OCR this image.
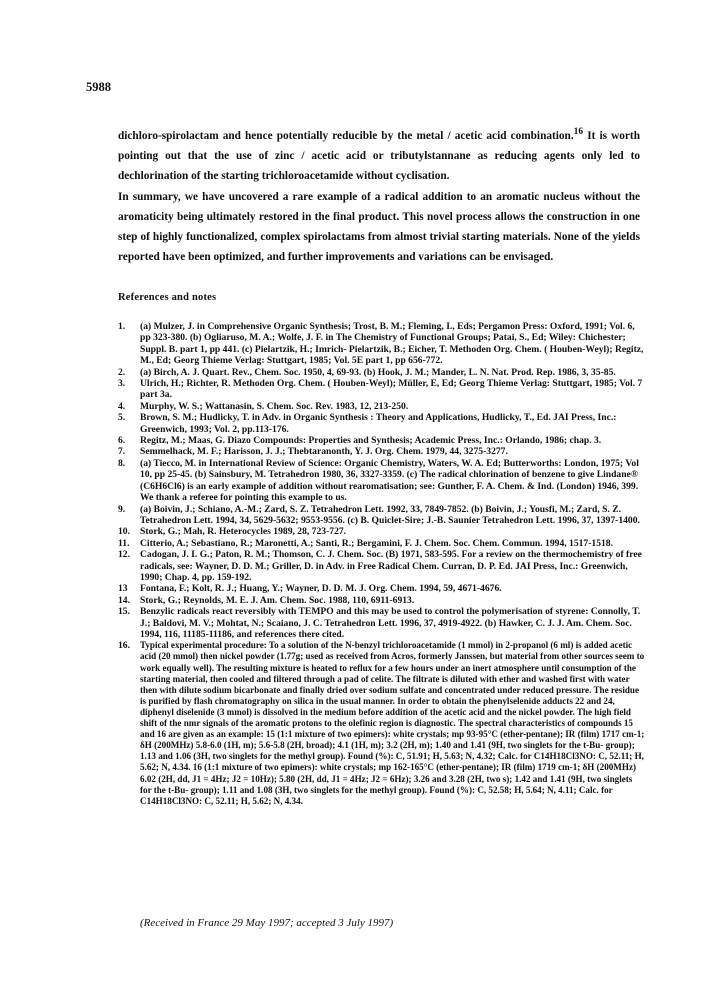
5988

dichloro-spirolactam and hence potentially reducible by the metal / acetic acid combination.$^{16}$ It is worth pointing out that the use of zinc / acetic acid or tributylstannane as reducing agents only led to dechlorination of the starting trichloroacetamide without cyclisation.

In summary, we have uncovered a rare example of a radical addition to an aromatic nucleus without the aromaticity being ultimately restored in the final product. This novel process allows the construction in one step of highly functionalized, complex spirolactams from almost trivial starting materials. None of the yields reported have been optimized, and further improvements and variations can be envisaged.

References and notes
1.	(a) Mulzer, J. in Comprehensive Organic Synthesis; Trost, B. M.; Fleming, I., Eds; Pergamon Press: Oxford, 1991; Vol. 6, pp 323-380. (b) Ogliaruso, M. A.; Wolfe, J. F. in The Chemistry of Functional Groups; Patai, S., Ed; Wiley: Chichester; Suppl. B. part 1, pp 441. (c) Pielartzik, H.; Imrich- Pielartzik, B.; Eicher, T. Methoden Org. Chem. ( Houben-Weyl); Regitz, M., Ed; Georg Thieme Verlag: Stuttgart, 1985; Vol. 5E part 1, pp 656-772.
2.	(a) Birch, A. J. Quart. Rev., Chem. Soc. 1950, 4, 69-93. (b) Hook, J. M.; Mander, L. N. Nat. Prod. Rep. 1986, 3, 35-85.
3.	Ulrich, H.; Richter, R. Methoden Org. Chem. ( Houben-Weyl); Müller, E, Ed; Georg Thieme Verlag: Stuttgart, 1985; Vol. 7 part 3a.
4.	Murphy, W. S.; Wattanasin, S. Chem. Soc. Rev. 1983, 12, 213-250.
5.	Brown, S. M.; Hudlicky, T. in Adv. in Organic Synthesis : Theory and Applications, Hudlicky, T., Ed. JAI Press, Inc.: Greenwich, 1993; Vol. 2, pp.113-176.
6.	Regitz, M.; Maas, G. Diazo Compounds: Properties and Synthesis; Academic Press, Inc.: Orlando, 1986; chap. 3.
7.	Semmelhack, M. F.; Harisson, J. J.; Thebtaranonth, Y. J. Org. Chem. 1979, 44, 3275-3277.
8.	(a) Tiecco, M. in International Review of Science: Organic Chemistry, Waters, W. A. Ed; Butterworths: London, 1975; Vol 10, pp 25-45. (b) Sainsbury, M. Tetrahedron 1980, 36, 3327-3359. (c) The radical chlorination of benzene to give Lindane® (C6H6Cl6) is an early example of addition without rearomatisation; see: Gunther, F. A. Chem. & Ind. (London) 1946, 399. We thank a referee for pointing this example to us.
9.	(a) Boivin, J.; Schiano, A.-M.; Zard, S. Z. Tetrahedron Lett. 1992, 33, 7849-7852. (b) Boivin, J.; Yousfi, M.; Zard, S. Z. Tetrahedron Lett. 1994, 34, 5629-5632; 9553-9556. (c) B. Quiclet-Sire; J.-B. Saunier Tetrahedron Lett. 1996, 37, 1397-1400.
10.	Stork, G.; Mah, R. Heterocycles 1989, 28, 723-727.
11.	Citterio, A.; Sebastiano, R.; Maronetti, A.; Santi, R.; Bergamini, F. J. Chem. Soc. Chem. Commun. 1994, 1517-1518.
12.	Cadogan, J. I. G.; Paton, R. M.; Thomson, C. J. Chem. Soc. (B) 1971, 583-595. For a review on the thermochemistry of free radicals, see: Wayner, D. D. M.; Griller, D. in Adv. in Free Radical Chem. Curran, D. P. Ed. JAI Press, Inc.: Greenwich, 1990; Chap. 4, pp. 159-192.
13	Fontana, F.; Kolt, R. J.; Huang, Y.; Wayner, D. D. M. J. Org. Chem. 1994, 59, 4671-4676.
14.	Stork, G.; Reynolds, M. E. J. Am. Chem. Soc. 1988, 110, 6911-6913.
15.	Benzylic radicals react reversibly with TEMPO and this may be used to control the polymerisation of styrene: Connolly, T. J.; Baldovi, M. V.; Mohtat, N.; Scaiano, J. C. Tetrahedron Lett. 1996, 37, 4919-4922. (b) Hawker, C. J. J. Am. Chem. Soc. 1994, 116, 11185-11186, and references there cited.
16.	Typical experimental procedure: To a solution of the N-benzyl trichloroacetamide (1 mmol) in 2-propanol (6 ml) is added acetic acid (20 mmol) then nickel powder (1.77g; used as received from Acros, formerly Janssen, but material from other sources seem to work equally well). The resulting mixture is heated to reflux for a few hours under an inert atmosphere until consumption of the starting material, then cooled and filtered through a pad of celite. The filtrate is diluted with ether and washed first with water then with dilute sodium bicarbonate and finally dried over sodium sulfate and concentrated under reduced pressure. The residue is purified by flash chromatography on silica in the usual manner. In order to obtain the phenylselenide adducts 22 and 24, diphenyl diselenide (3 mmol) is dissolved in the medium before addition of the acetic acid and the nickel powder. The high field shift of the nmr signals of the aromatic protons to the olefinic region is diagnostic. The spectral characteristics of compounds 15 and 16 are given as an example: 15 (1:1 mixture of two epimers): white crystals; mp 93-95°C (ether-pentane); IR (film) 1717 cm-1; δH (200MHz) 5.8-6.0 (1H, m); 5.6-5.8 (2H, broad); 4.1 (1H, m); 3.2 (2H, m); 1.40 and 1.41 (9H, two singlets for the t-Bu- group); 1.13 and 1.06 (3H, two singlets for the methyl group). Found (%): C, 51.91; H, 5.63; N, 4.32; Calc. for C14H18Cl3NO: C, 52.11; H, 5.62; N, 4.34. 16 (1:1 mixture of two epimers): white crystals; mp 162-165°C (ether-pentane); IR (film) 1719 cm-1; δH (200MHz) 6.02 (2H, dd, J1 = 4Hz; J2 = 10Hz); 5.80 (2H, dd, J1 = 4Hz; J2 = 6Hz); 3.26 and 3.28 (2H, two s); 1.42 and 1.41 (9H, two singlets for the t-Bu- group); 1.11 and 1.08 (3H, two singlets for the methyl group). Found (%): C, 52.58; H, 5.64; N, 4.11; Calc. for C14H18Cl3NO: C, 52.11; H, 5.62; N, 4.34.
(Received in France 29 May 1997; accepted 3 July 1997)
